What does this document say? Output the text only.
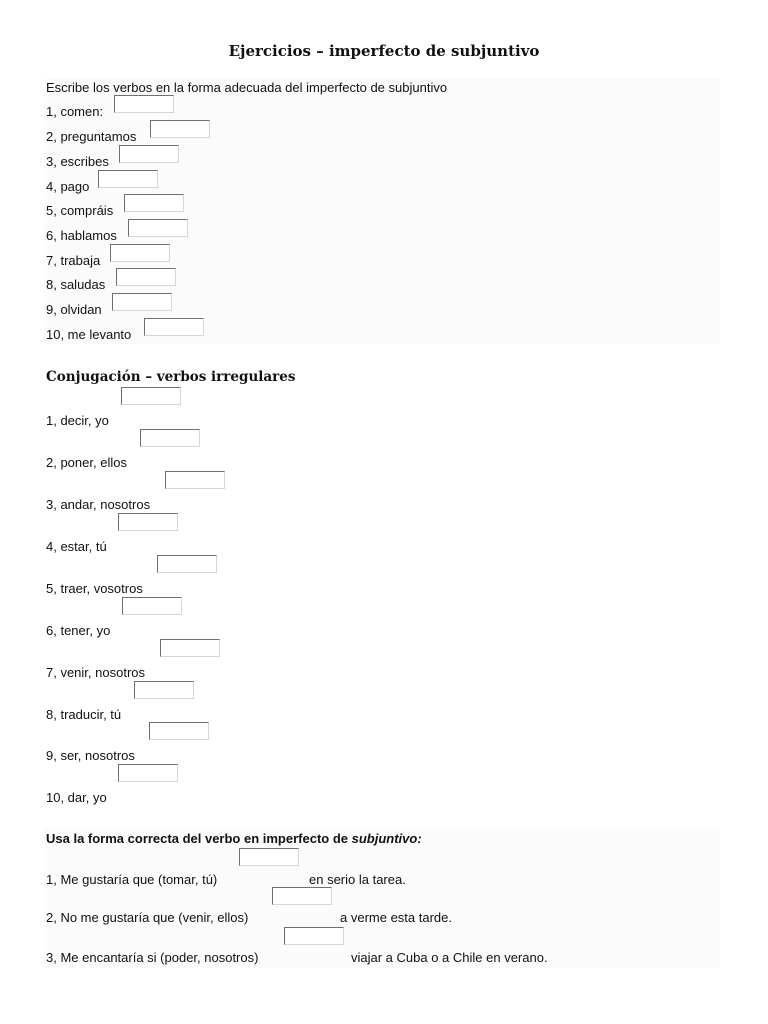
Ejercicios – imperfecto de subjuntivo
Escribe los verbos en la forma adecuada del imperfecto de subjuntivo
1, comen:
2, preguntamos
3, escribes
4, pago
5, compráis
6, hablamos
7, trabaja
8, saludas
9, olvidan
10, me levanto
Conjugación – verbos irregulares
1, decir, yo
2, poner, ellos
3, andar, nosotros
4, estar, tú
5, traer, vosotros
6, tener, yo
7, venir, nosotros
8, traducir, tú
9, ser, nosotros
10, dar, yo
Usa la forma correcta del verbo en imperfecto de subjuntivo:
1, Me gustaría que (tomar, tú)	en serio la tarea.
2, No me gustaría que (venir, ellos)	a verme esta tarde.
3, Me encantaría si (poder, nosotros)	viajar a Cuba o a Chile en verano.
